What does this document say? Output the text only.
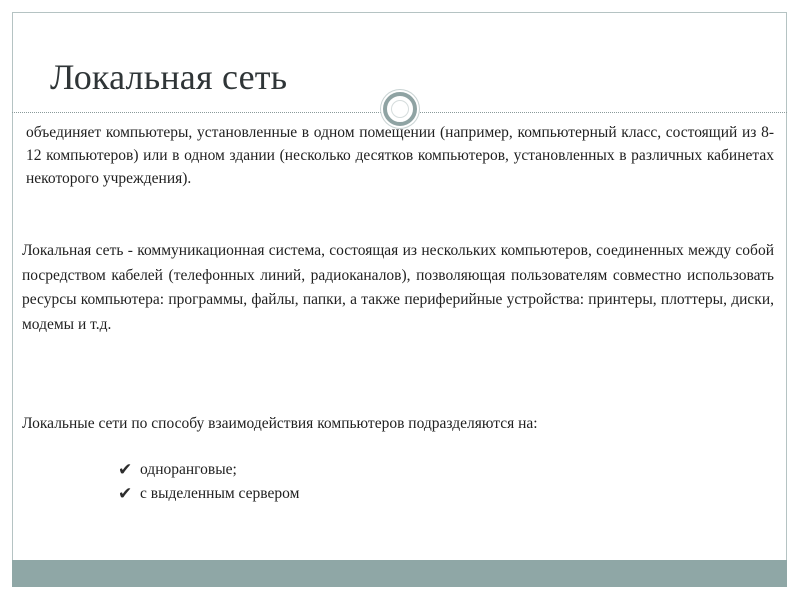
Локальная сеть

объединяет компьютеры, установленные в одном помещении (например, компьютерный класс, состоящий из 8-12 компьютеров) или в одном здании (несколько десятков компьютеров, установленных в различных кабинетах некоторого учреждения).

Локальная сеть - коммуникационная система, состоящая из нескольких компьютеров, соединенных между собой посредством кабелей (телефонных линий, радиоканалов), позволяющая пользователям совместно использовать ресурсы компьютера: программы, файлы, папки, а также периферийные устройства: принтеры, плоттеры, диски, модемы и т.д.

Локальные сети по способу взаимодействия компьютеров подразделяются на:

✔ одноранговые;
✔ с выделенным сервером
